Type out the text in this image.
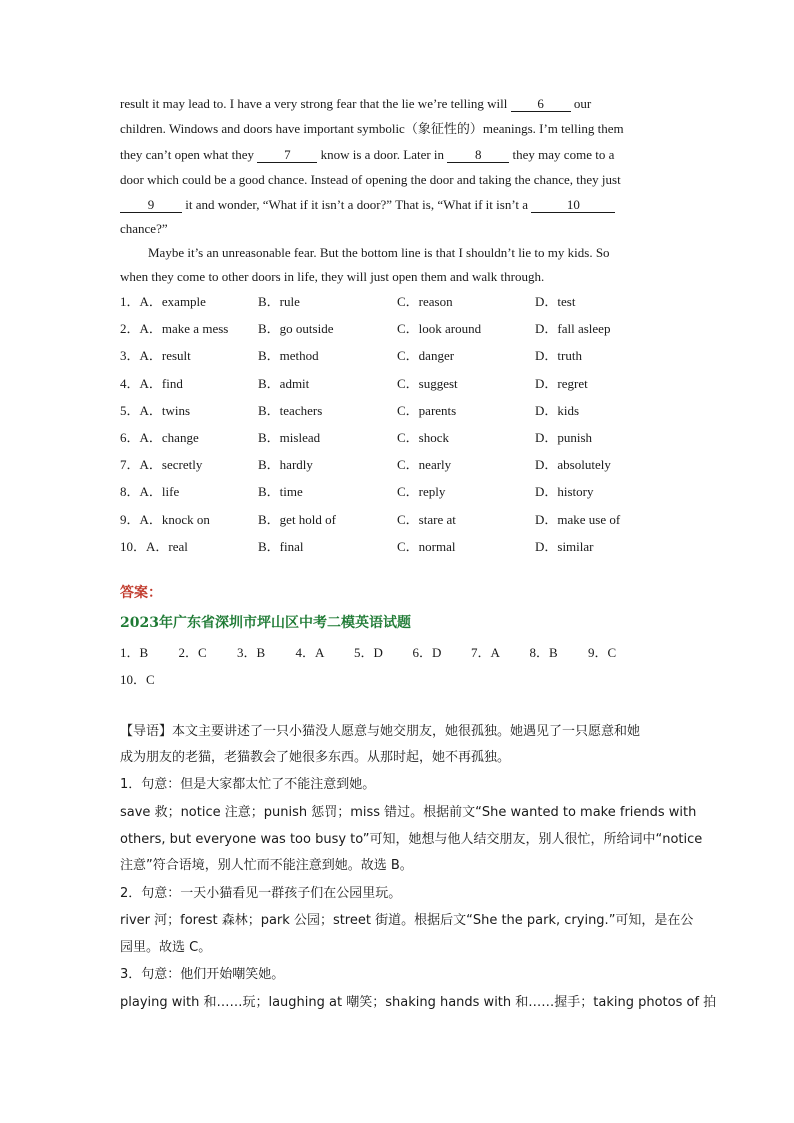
result it may lead to. I have a very strong fear that the lie we’re telling will 6 our
children. Windows and doors have important symbolic（象征性的）meanings. I’m telling them
they can’t open what they 7 know is a door. Later in 8 they may come to a
door which could be a good chance. Instead of opening the door and taking the chance, they just
9 it and wonder, “What if it isn’t a door?” That is, “What if it isn’t a	10
chance?”
Maybe it’s an unreasonable fear. But the bottom line is that I shouldn’t lie to my kids. So
when they come to other doors in life, they will just open them and walk through.
1．A．example	B．rule	C．reason	D．test
2．A．make a mess B．go outside	C．look around	D．fall asleep
3．A．result	B．method	C．danger	D．truth
4．A．find	B．admit	C．suggest	D．regret
5．A．twins	B．teachers	C．parents	D．kids
6．A．change	B．mislead	C．shock	D．punish
7．A．secretly	B．hardly	C．nearly	D．absolutely
8．A．life	B．time	C．reply	D．history
9．A．knock on	B．get hold of	C．stare at	D．make use of
10．A．real	B．final	C．normal	D．similar
答案：
2023年广东省深圳市坪山区中考二模英语试题
1．B 2．C 3．B 4．A 5．D 6．D 7．A 8．B 9．C
10．C
【导语】本文主要讲述了一只小猫没人愿意与她交朋友，她很孤独。她遇见了一只愿意和她
成为朋友的老猫，老猫教会了她很多东西。从那时起，她不再孤独。
1．句意：但是大家都太忙了不能注意到她。
save 救；notice 注意；punish 惩罚；miss 错过。根据前文“She wanted to make friends with
others, but everyone was too busy to”可知，她想与他人结交朋友，别人很忙，所给词中“notice
注意”符合语境，别人忙而不能注意到她。故选 B。
2．句意：一天小猫看见一群孩子们在公园里玩。
river 河；forest 森林；park 公园；street 街道。根据后文“She the park, crying.”可知，是在公
园里。故选 C。
3．句意：他们开始嘲笑她。
playing with 和……玩；laughing at 嘲笑；shaking hands with 和……握手；taking photos of 拍
